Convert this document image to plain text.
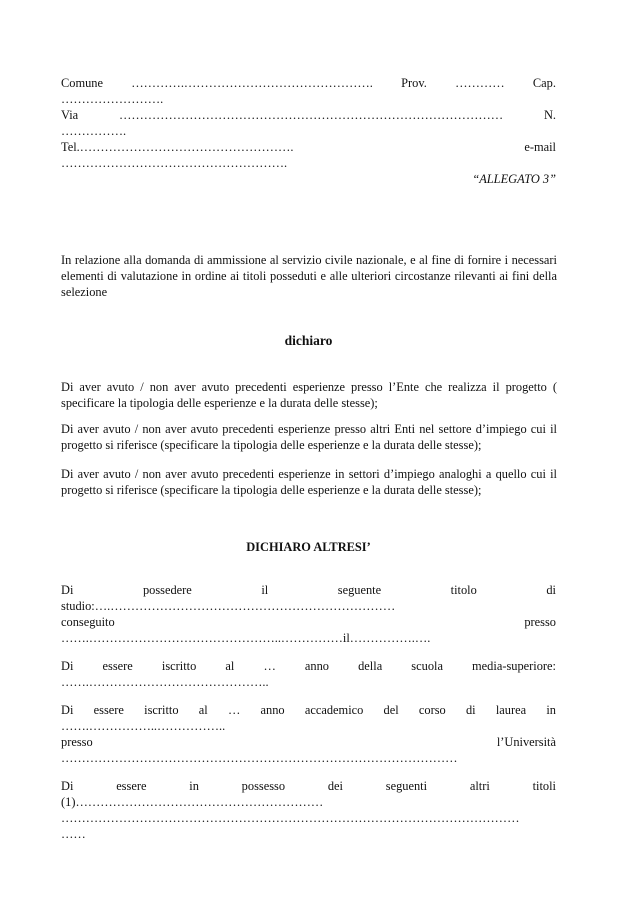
Comune ………….………………………………………. Prov. ………… Cap.
…………………….
Via	…………………………………………………………………………………	N.
…………….
Tel.…………………………………………….	e-mail
……………………………………………….
“ALLEGATO 3”
In relazione alla domanda di ammissione al servizio civile nazionale, e al fine di fornire i necessari elementi di valutazione in ordine ai titoli posseduti e alle ulteriori circostanze rilevanti ai fini della selezione
dichiaro
Di aver avuto / non aver avuto precedenti esperienze presso l’Ente che realizza il progetto ( specificare la tipologia delle esperienze e la durata delle stesse);
Di aver avuto / non aver avuto precedenti esperienze presso altri Enti nel settore d’impiego cui il progetto si riferisce (specificare la tipologia delle esperienze e la durata delle stesse);
Di aver avuto / non aver avuto precedenti esperienze in settori d’impiego analoghi a quello cui il progetto si riferisce (specificare la tipologia delle esperienze e la durata delle stesse);
DICHIARO ALTRESI’
Di	possedere	il	seguente	titolo	di
studio:….……………………………………………………………
conseguito	presso
…….………………………………………..……………il…………….….
Di essere iscritto al … anno della scuola media-superiore:
…….……………………………………..
Di essere iscritto al … anno accademico del corso di laurea in
…….……………..……………..
presso	l’Università
……………………………………………………………………………………
Di	essere	in	possesso	dei	seguenti	altri	titoli
(1)……………………………………………………
…………………………………………………………………………………………………
……
